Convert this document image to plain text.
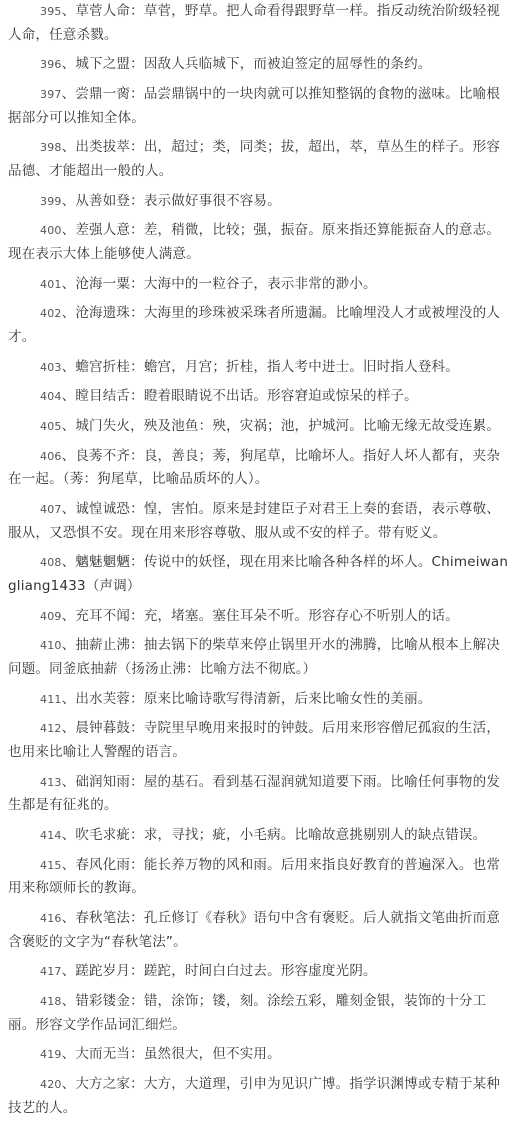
395、草菅人命：草菅，野草。把人命看得跟野草一样。指反动统治阶级轻视人命，任意杀戮。

396、城下之盟：因敌人兵临城下，而被迫签定的屈辱性的条约。

397、尝鼎一脔：品尝鼎锅中的一块肉就可以推知整锅的食物的滋味。比喻根据部分可以推知全体。

398、出类拔萃：出，超过；类，同类；拔，超出，萃，草丛生的样子。形容品德、才能超出一般的人。

399、从善如登：表示做好事很不容易。

400、差强人意：差，稍微，比较；强，振奋。原来指还算能振奋人的意志。现在表示大体上能够使人满意。

401、沧海一粟：大海中的一粒谷子，表示非常的渺小。

402、沧海遗珠：大海里的珍珠被采珠者所遗漏。比喻埋没人才或被埋没的人才。

403、蟾宫折桂：蟾宫，月宫；折桂，指人考中进士。旧时指人登科。

404、瞠目结舌：瞪着眼睛说不出话。形容窘迫或惊呆的样子。

405、城门失火，殃及池鱼：殃，灾祸；池，护城河。比喻无缘无故受连累。

406、良莠不齐：良，善良；莠，狗尾草，比喻坏人。指好人坏人都有，夹杂在一起。（莠：狗尾草，比喻品质坏的人）。

407、诚惶诚恐：惶，害怕。原来是封建臣子对君王上奏的套语，表示尊敬、服从，又恐惧不安。现在用来形容尊敬、服从或不安的样子。带有贬义。

408、魑魅魍魉：传说中的妖怪，现在用来比喻各种各样的坏人。Chimeiwangliang1433（声调）

409、充耳不闻：充，堵塞。塞住耳朵不听。形容存心不听别人的话。

410、抽薪止沸：抽去锅下的柴草来停止锅里开水的沸腾，比喻从根本上解决问题。同釜底抽薪（扬汤止沸：比喻方法不彻底。）

411、出水芙蓉：原来比喻诗歌写得清新，后来比喻女性的美丽。

412、晨钟暮鼓：寺院里早晚用来报时的钟鼓。后用来形容僧尼孤寂的生活，也用来比喻让人警醒的语言。

413、础润知雨：屋的基石。看到基石湿润就知道要下雨。比喻任何事物的发生都是有征兆的。

414、吹毛求疵：求，寻找；疵，小毛病。比喻故意挑剔别人的缺点错误。

415、春风化雨：能长养万物的风和雨。后用来指良好教育的普遍深入。也常用来称颂师长的教诲。

416、春秋笔法：孔丘修订《春秋》语句中含有褒贬。后人就指文笔曲折而意含褒贬的文字为“春秋笔法”。

417、蹉跎岁月：蹉跎，时间白白过去。形容虚度光阴。

418、错彩镂金：错，涂饰；镂，刻。涂绘五彩，雕刻金银，装饰的十分工丽。形容文学作品词汇细烂。

419、大而无当：虽然很大，但不实用。

420、大方之家：大方，大道理，引申为见识广博。指学识渊博或专精于某种技艺的人。
